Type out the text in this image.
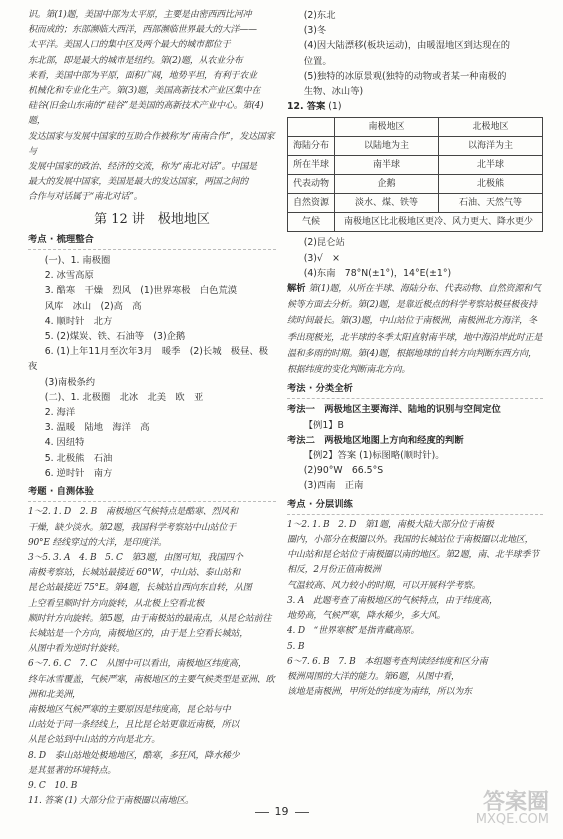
识。第(1)题，美国中部为太平原，主要是由密西西比河冲
积而成的；东部濒临大西洋，西部濒临世界最大的大洋——
太平洋。美国人口的集中区及两个最大的城市都位于
东北部，即是最大的城市是纽约。第(2)题，从农业分布
来看，美国中部为平原，面积广阔，地势平坦，有利于农业
机械化和专业化生产。第(3)题，美国高新技术产业区集中在
硅谷(旧金山东南的“硅谷”是美国的高新技术产业中心。第(4)题，
发达国家与发展中国家的互助合作被称为“南南合作”，发达国家与
发展中国家的政治、经济的交流，称为“南北对话”。中国是
最大的发展中国家，美国是最大的发达国家，两国之间的
合作与对话属于“南北对话”。
第 12 讲　极地地区
考点 · 梳理整合
(一)、1. 南极圈
2. 冰雪高原
3. 酷寒　干燥　烈风　(1)世界寒极　白色荒漠
风库　冰山　(2)高　高
4. 顺时针　北方
5. (2)煤炭、铁、石油等　(3)企鹅
6. (1)上年11月至次年3月　暖季　(2)长城　极昼、极夜
(3)南极条约
(二)、1. 北极圈　北冰　北美　欧　亚
2. 海洋
3. 温暖　陆地　海洋　高
4. 因纽特
5. 北极熊　石油
6. 逆时针　南方
考题 · 自测体验
1～2. 1. D　2. B　南极地区气候特点是酷寒、烈风和
干燥，缺少淡水。第2题，我国科学考察站中山站位于
90°E 经线穿过的大洋，是印度洋。
3～5. 3. A　4. B　5. C　第3题，由图可知，我国四个
南极考察站，长城站最接近 60°W，中山站、泰山站和
昆仑站最接近 75°E。第4题，长城站自西向东自转，从图
上空看呈顺时针方向旋转，从北极上空看北极
顺时针方向旋转。第5题，由于南极站的最南点，从昆仑站前往
长城站是一个方向，南极地区的，由于是上空看长城站，
从图中看为逆时针旋转。
6～7. 6. C　7. C　从图中可以看出，南极地区纬度高，
终年冰雪覆盖，气候严寒，南极地区的主要气候类型是亚洲、欧洲和北美洲，
南极地区气候严寒的主要原因是纬度高，昆仑站与中
山站处于同一条经线上，且比昆仑站更靠近南极，所以
从昆仑站到中山站的方向是北方。
8. D　泰山站地处极地地区，酷寒，多狂风，降水稀少
是其显著的环境特点。
9. C　10. B
11. 答案 (1) 大部分位于南极圈以南地区。
(2)东北
(3)冬
(4)因大陆漂移(板块运动)，由暖湿地区到达现在的
位置。
(5)独特的冰原景观(独特的动物或者某一种南极的
生物、冰山等)
12. 答案 (1)
	南极地区	北极地区
海陆分布	以陆地为主	以海洋为主
所在半球	南半球	北半球
代表动物	企鹅	北极熊
自然资源	淡水、煤、铁等	石油、天然气等
气候	南极地区比北极地区更冷、风力更大、降水更少	
(2)昆仑站
(3)√　×
(4)东南　78°N(±1°)，14°E(±1°)
解析 第(1)题，从所在半球、海陆分布、代表动物、自然资源和气候等方面去分析。第(2)题，是靠近极点的科学考察站极昼极夜持续时间最长。第(3)题，中山站位于南极洲，南极洲北方海洋，冬季出现极光，北半球的冬季太阳直射南半球，地中海沿岸此时正是温和多雨的时期。第(4)题，根据地球的自转方向判断东西方向，根据纬度的变化判断南北方向。
考法 · 分类全析
考法一　两极地区主要海洋、陆地的识别与空间定位
【例1】B
考法二　两极地区地图上方向和经度的判断
【例2】答案 (1)标图略(顺时针)。
(2)90°W　66.5°S
(3)西南　正南
考点 · 分层训练
1～2. 1. B　2. D　第1题，南极大陆大部分位于南极
圈内，小部分在极圈以外。我国的长城站位于南极圈以北地区，
中山站和昆仑站位于南极圈以南的地区。第2题，南、北半球季节相反，2月份正值南极洲
气温较高、风力较小的时期，可以开展科学考察。
3. A　此题考查了南极地区的气候特点，由于纬度高，
地势高，气候严寒，降水稀少，多大风。
4. D　“世界寒极”是指青藏高原。
5. B
6～7. 6. B　7. B　本组题考查判读经纬度和区分南
极洲周围的大洋的能力。第6题，从图中看，
该地是南极洲，甲所处的纬度为南纬，所以为东
19	答案圈
MXQE.COM
